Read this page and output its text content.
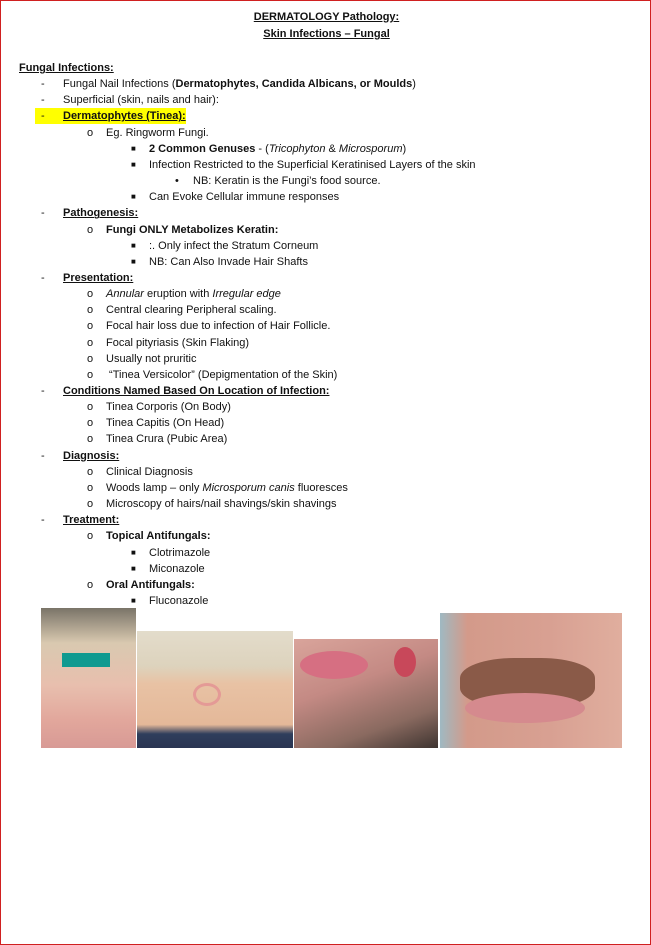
DERMATOLOGY Pathology:
Skin Infections – Fungal
Fungal Infections:
- Fungal Nail Infections (Dermatophytes, Candida Albicans, or Moulds)
- Superficial (skin, nails and hair):
-	Dermatophytes (Tinea):
o Eg. Ringworm Fungi.
■ 2 Common Genuses - (Tricophyton & Microsporum)
■ Infection Restricted to the Superficial Keratinised Layers of the skin
• NB: Keratin is the Fungi’s food source.
■ Can Evoke Cellular immune responses
- Pathogenesis:
o Fungi ONLY Metabolizes Keratin:
■ :. Only infect the Stratum Corneum
■ NB: Can Also Invade Hair Shafts
- Presentation:
o Annular eruption with Irregular edge
o Central clearing Peripheral scaling.
o Focal hair loss due to infection of Hair Follicle.
o Focal pityriasis (Skin Flaking)
o Usually not pruritic
o “Tinea Versicolor” (Depigmentation of the Skin)
- Conditions Named Based On Location of Infection:
o Tinea Corporis (On Body)
o Tinea Capitis (On Head)
o Tinea Crura (Pubic Area)
- Diagnosis:
o Clinical Diagnosis
o Woods lamp – only Microsporum canis fluoresces
o Microscopy of hairs/nail shavings/skin shavings
- Treatment:
o Topical Antifungals:
■ Clotrimazole
■ Miconazole
o Oral Antifungals:
■ Fluconazole
